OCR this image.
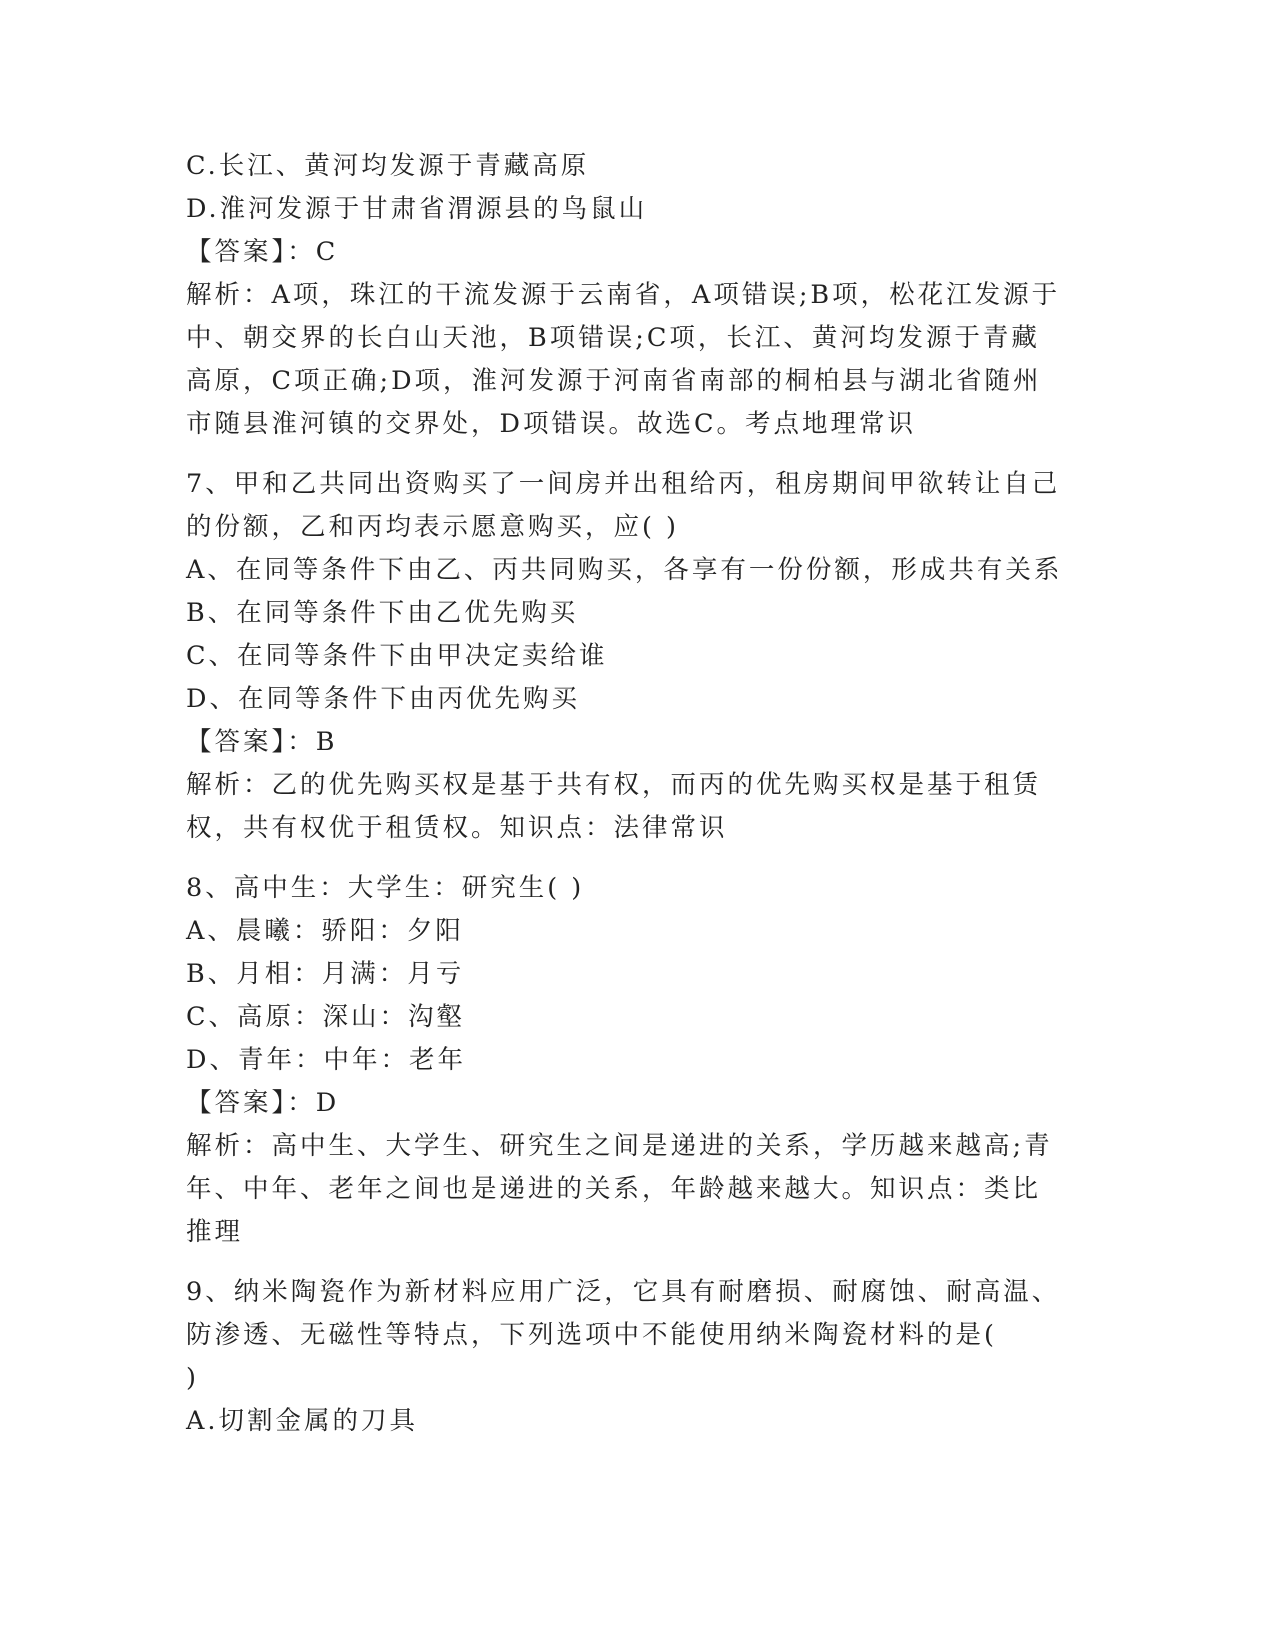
C.长江、黄河均发源于青藏高原
D.淮河发源于甘肃省渭源县的鸟鼠山
【答案】：C
解析：A项，珠江的干流发源于云南省，A项错误;B项，松花江发源于
中、朝交界的长白山天池，B项错误;C项，长江、黄河均发源于青藏
高原，C项正确;D项，淮河发源于河南省南部的桐柏县与湖北省随州
市随县淮河镇的交界处，D项错误。故选C。考点地理常识
7、甲和乙共同出资购买了一间房并出租给丙，租房期间甲欲转让自己
的份额，乙和丙均表示愿意购买，应( )
A、在同等条件下由乙、丙共同购买，各享有一份份额，形成共有关系
B、在同等条件下由乙优先购买
C、在同等条件下由甲决定卖给谁
D、在同等条件下由丙优先购买
【答案】：B
解析：乙的优先购买权是基于共有权，而丙的优先购买权是基于租赁
权，共有权优于租赁权。知识点：法律常识
8、高中生：大学生：研究生( )
A、晨曦：骄阳：夕阳
B、月相：月满：月亏
C、高原：深山：沟壑
D、青年：中年：老年
【答案】：D
解析：高中生、大学生、研究生之间是递进的关系，学历越来越高;青
年、中年、老年之间也是递进的关系，年龄越来越大。知识点：类比
推理
9、纳米陶瓷作为新材料应用广泛，它具有耐磨损、耐腐蚀、耐高温、
防渗透、无磁性等特点，下列选项中不能使用纳米陶瓷材料的是(
)
A.切割金属的刀具
